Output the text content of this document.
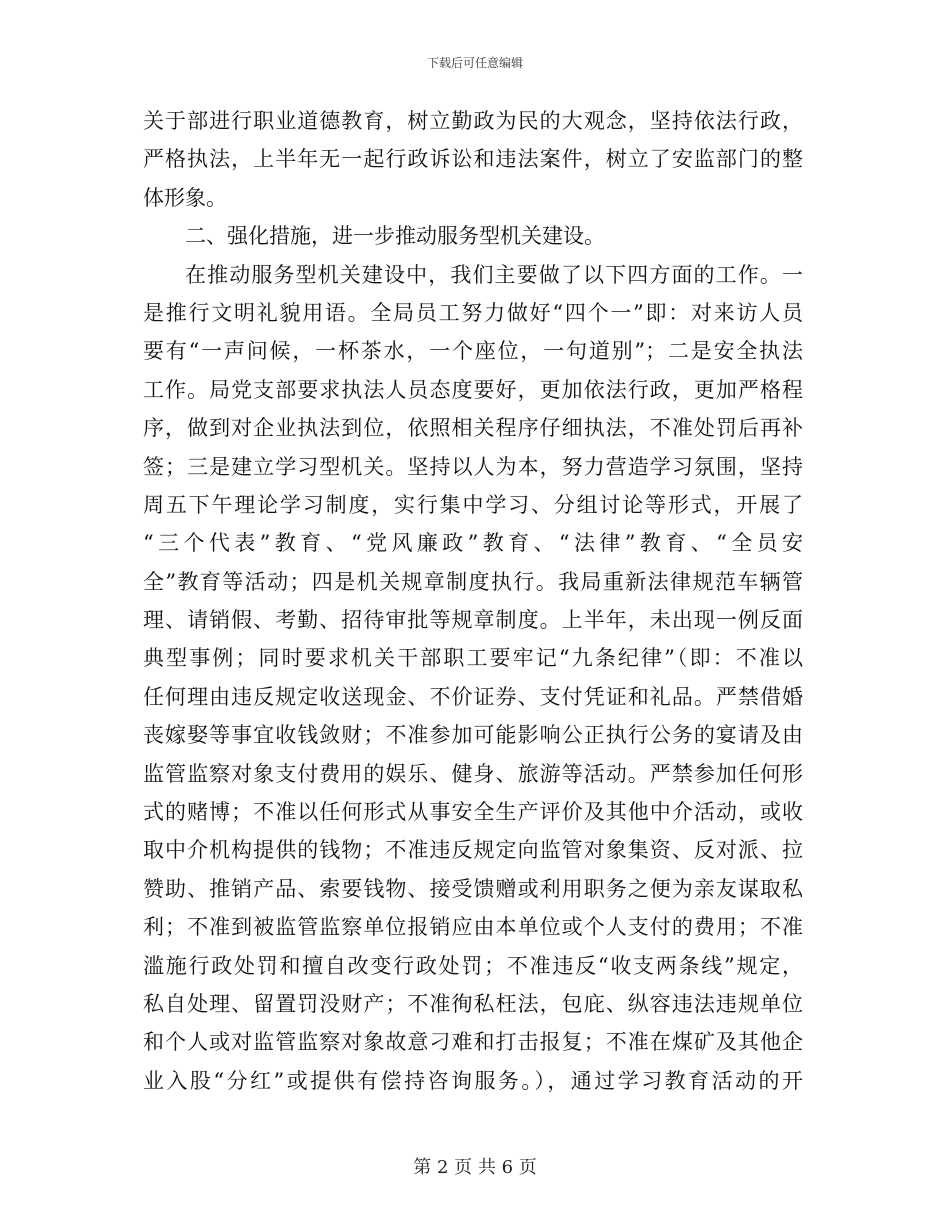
下载后可任意编辑
关于部进行职业道德教育，树立勤政为民的大观念，坚持依法行政，
严格执法，上半年无一起行政诉讼和违法案件，树立了安监部门的整
体形象。
二、强化措施，进一步推动服务型机关建设。
在推动服务型机关建设中，我们主要做了以下四方面的工作。一
是推行文明礼貌用语。全局员工努力做好“四个一”即：对来访人员
要有“一声问候，一杯茶水，一个座位，一句道别”；二是安全执法
工作。局党支部要求执法人员态度要好，更加依法行政，更加严格程
序，做到对企业执法到位，依照相关程序仔细执法，不准处罚后再补
签；三是建立学习型机关。坚持以人为本，努力营造学习氛围，坚持
周五下午理论学习制度，实行集中学习、分组讨论等形式，开展了
“三个代表”教育、“党风廉政”教育、“法律”教育、“全员安
全”教育等活动；四是机关规章制度执行。我局重新法律规范车辆管
理、请销假、考勤、招待审批等规章制度。上半年，未出现一例反面
典型事例；同时要求机关干部职工要牢记“九条纪律”（即：不准以
任何理由违反规定收送现金、不价证券、支付凭证和礼品。严禁借婚
丧嫁娶等事宜收钱敛财；不准参加可能影响公正执行公务的宴请及由
监管监察对象支付费用的娱乐、健身、旅游等活动。严禁参加任何形
式的赌博；不准以任何形式从事安全生产评价及其他中介活动，或收
取中介机构提供的钱物；不准违反规定向监管对象集资、反对派、拉
赞助、推销产品、索要钱物、接受馈赠或利用职务之便为亲友谋取私
利；不准到被监管监察单位报销应由本单位或个人支付的费用；不准
滥施行政处罚和擅自改变行政处罚；不准违反“收支两条线”规定，
私自处理、留置罚没财产；不准徇私枉法，包庇、纵容违法违规单位
和个人或对监管监察对象故意刁难和打击报复；不准在煤矿及其他企
业入股“分红”或提供有偿持咨询服务。），通过学习教育活动的开
第 2 页 共 6 页
